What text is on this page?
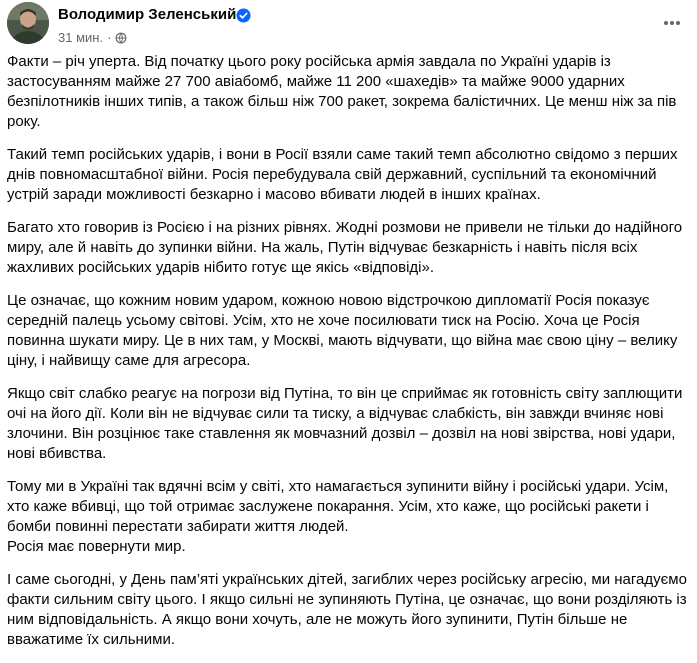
Володимир Зеленський
31 мин. ·

Факти – річ уперта. Від початку цього року російська армія завдала по Україні ударів із застосуванням майже 27 700 авіабомб, майже 11 200 «шахедів» та майже 9000 ударних безпілотників інших типів, а також більш ніж 700 ракет, зокрема балістичних. Це менш ніж за пів року.

Такий темп російських ударів, і вони в Росії взяли саме такий темп абсолютно свідомо з перших днів повномасштабної війни. Росія перебудувала свій державний, суспільний та економічний устрій заради можливості безкарно і масово вбивати людей в інших країнах.

Багато хто говорив із Росією і на різних рівнях. Жодні розмови не привели не тільки до надійного миру, але й навіть до зупинки війни. На жаль, Путін відчуває безкарність і навіть після всіх жахливих російських ударів нібито готує ще якісь «відповіді».

Це означає, що кожним новим ударом, кожною новою відстрочкою дипломатії Росія показує середній палець усьому світові. Усім, хто не хоче посилювати тиск на Росію. Хоча це Росія повинна шукати миру. Це в них там, у Москві, мають відчувати, що війна має свою ціну – велику ціну, і найвищу саме для агресора.

Якщо світ слабко реагує на погрози від Путіна, то він це сприймає як готовність світу заплющити очі на його дії. Коли він не відчуває сили та тиску, а відчуває слабкість, він завжди вчиняє нові злочини. Він розцінює таке ставлення як мовчазний дозвіл – дозвіл на нові звірства, нові удари, нові вбивства.

Тому ми в Україні так вдячні всім у світі, хто намагається зупинити війну і російські удари. Усім, хто каже вбивці, що той отримає заслужене покарання. Усім, хто каже, що російські ракети і бомби повинні перестати забирати життя людей.
Росія має повернути мир.

І саме сьогодні, у День пам’яті українських дітей, загиблих через російську агресію, ми нагадуємо факти сильним світу цього. І якщо сильні не зупиняють Путіна, це означає, що вони розділяють із ним відповідальність. А якщо вони хочуть, але не можуть його зупинити, Путін більше не вважатиме їх сильними.
